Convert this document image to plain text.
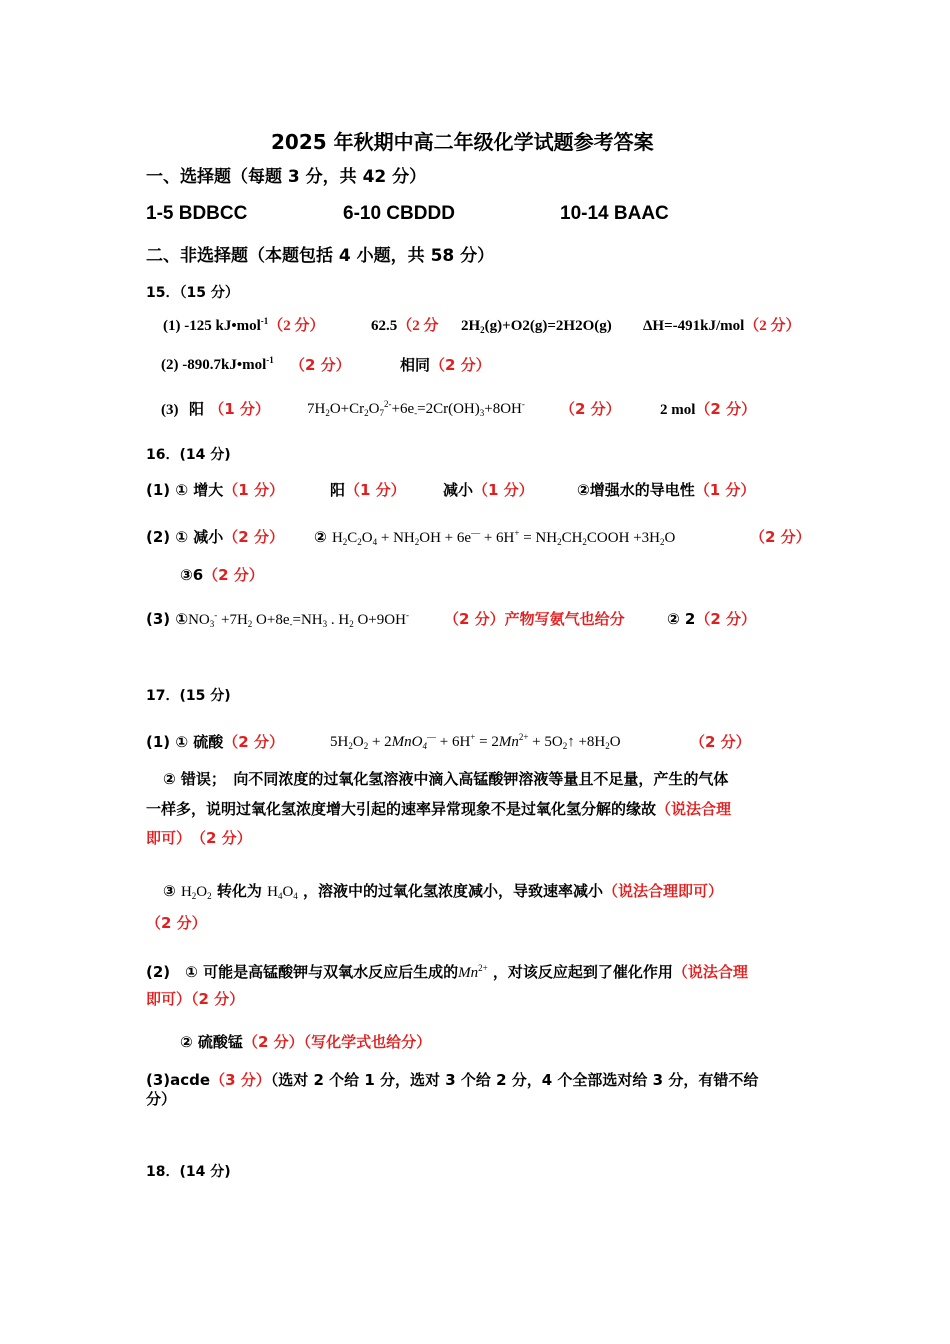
2025 年秋期中高二年级化学试题参考答案
一、选择题（每题 3 分，共 42 分）
1-5 BDBCC	6-10 CBDDD	10-14 BAAC
二、非选择题（本题包括 4 小题，共 58 分）
15．（15 分）
(1) -125 kJ•mol$^{-1}$（2 分）	62.5（2 分 $2H_2(g)+O2(g)=2H2O(g)$ ΔH=-491kJ/mol（2 分）
(2) -890.7kJ•mol$^{-1}$ （2 分）	相同（2 分）
(3) 阳 （1 分） $7H_2O+Cr_2O_7^{2-}+6e_-=2Cr(OH)_3+8OH^-$ （2 分）	2 mol（2 分）
16．(14 分)
(1) ① 增大（1 分）	阳（1 分） 减小（1 分）	②增强水的导电性（1 分）
(2) ① 减小（2 分） ② $H_2C_2O_4 + NH_2OH + 6e^— + 6H^+$ = $NH_2CH_2COOH +3H_2O$	（2 分）
③6（2 分）
(3) $①NO_3^- +7H_2$ $O+8e_-=NH_3$ . $H_2$ O+9OH- （2 分）产物写氨气也给分	② 2（2 分）
17．(15 分)
(1) ① 硫酸（2 分）	$5H_2O_2 + 2MnO_4^— + 6H^+ = 2Mn^{2+}$ + $5O_2↑ +8H_2O$	（2 分）
② 错误；　向不同浓度的过氧化氢溶液中滴入高锰酸钾溶液等量且不足量，产生的气体
一样多，说明过氧化氢浓度增大引起的速率异常现象不是过氧化氢分解的缘故（说法合理
即可）　（2 分）
③ $H_2O_2$ 转化为 $H_4O_4$ ，溶液中的过氧化氢浓度减小，导致速率减小（说法合理即可）
（2 分）
(2)　① 可能是高锰酸钾与双氧水反应后生成的$Mn^{2+}$ ，对该反应起到了催化作用（说法合理
即可）（2 分）
② 硫酸锰（2 分）（写化学式也给分）
(3)acde（3 分）（选对 2 个给 1 分，选对 3 个给 2 分，4 个全部选对给 3 分，有错不给
分）
18．(14 分)
